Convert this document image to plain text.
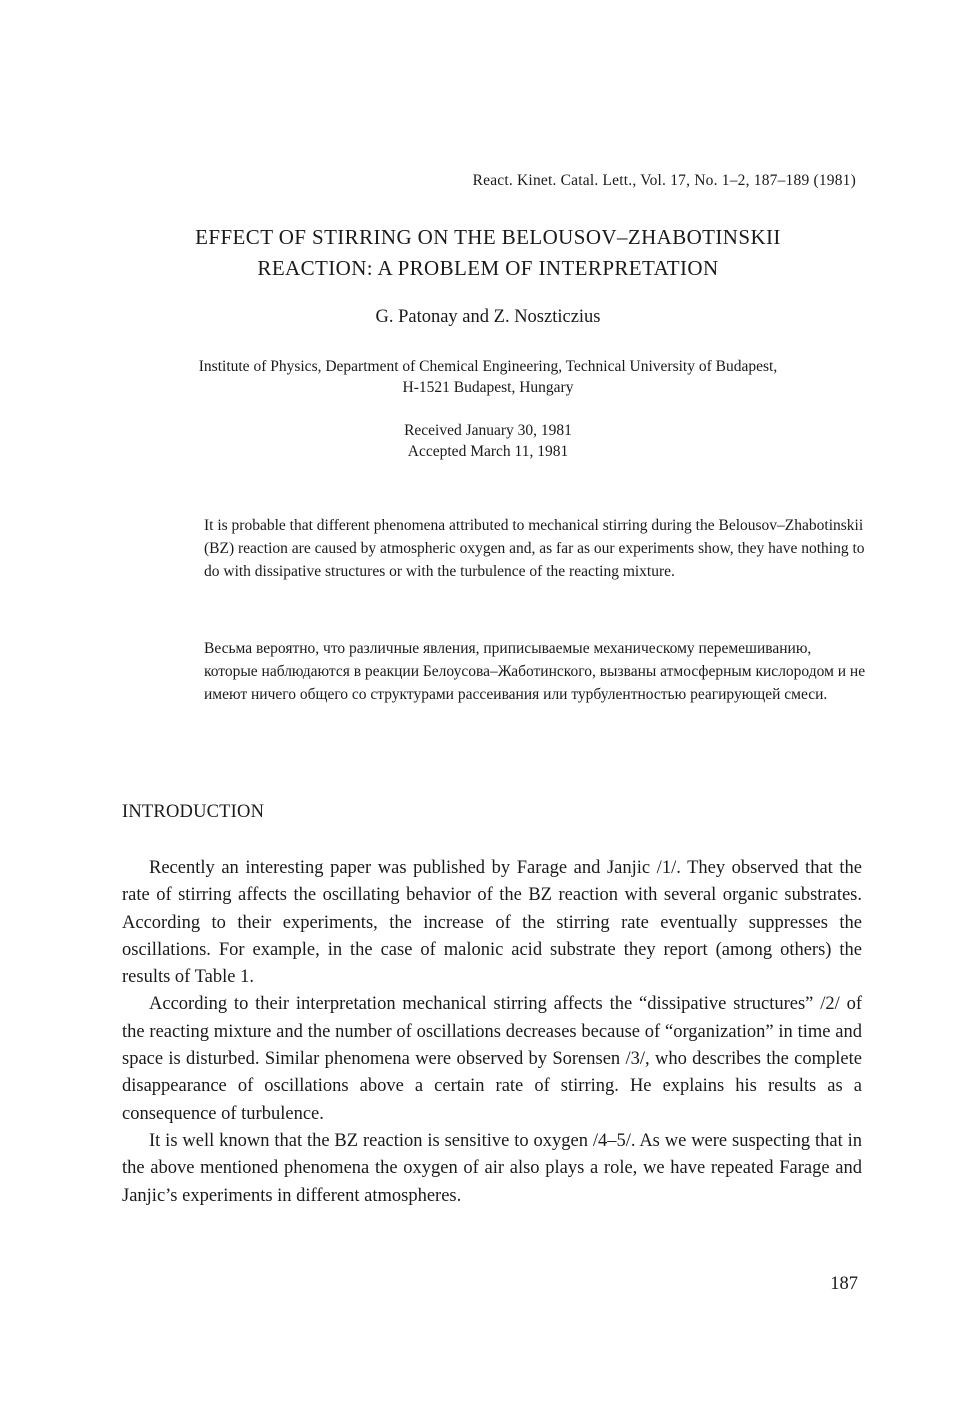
React. Kinet. Catal. Lett., Vol. 17, No. 1–2, 187–189 (1981)
EFFECT OF STIRRING ON THE BELOUSOV–ZHABOTINSKII
REACTION: A PROBLEM OF INTERPRETATION
G. Patonay and Z. Noszticzius
Institute of Physics, Department of Chemical Engineering, Technical University of Budapest,
H-1521 Budapest, Hungary
Received January 30, 1981
Accepted March 11, 1981
It is probable that different phenomena attributed to mechanical stirring during the Belousov–Zhabotinskii (BZ) reaction are caused by atmospheric oxygen and, as far as our experiments show, they have nothing to do with dissipative structures or with the turbulence of the reacting mixture.
Весьма вероятно, что различные явления, приписываемые механическому перемешиванию, которые наблюдаются в реакции Белоусова–Жаботинского, вызваны атмосферным кислородом и не имеют ничего общего со структурами рассеивания или турбулентностью реагирующей смеси.
INTRODUCTION

Recently an interesting paper was published by Farage and Janjic /1/. They observed that the rate of stirring affects the oscillating behavior of the BZ reaction with several organic substrates. According to their experiments, the increase of the stirring rate eventually suppresses the oscillations. For example, in the case of malonic acid substrate they report (among others) the results of Table 1.

According to their interpretation mechanical stirring affects the “dissipative structures” /2/ of the reacting mixture and the number of oscillations decreases because of “organization” in time and space is disturbed. Similar phenomena were observed by Sorensen /3/, who describes the complete disappearance of oscillations above a certain rate of stirring. He explains his results as a consequence of turbulence.

It is well known that the BZ reaction is sensitive to oxygen /4–5/. As we were suspecting that in the above mentioned phenomena the oxygen of air also plays a role, we have repeated Farage and Janjic’s experiments in different atmospheres.

187
